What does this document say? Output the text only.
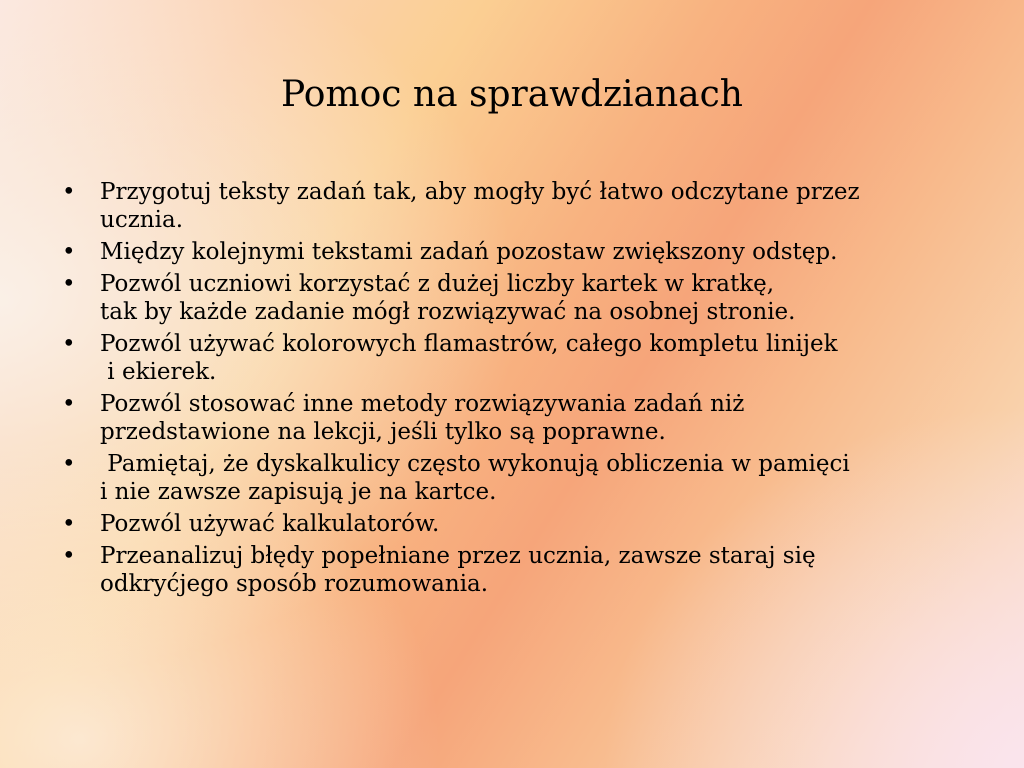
Pomoc na sprawdzianach
• Przygotuj teksty zadań tak, aby mogły być łatwo odczytane przez
ucznia.
• Między kolejnymi tekstami zadań pozostaw zwiększony odstęp.
• Pozwól uczniowi korzystać z dużej liczby kartek w kratkę,
tak by każde zadanie mógł rozwiązywać na osobnej stronie.
• Pozwól używać kolorowych flamastrów, całego kompletu linijek
i ekierek.
• Pozwól stosować inne metody rozwiązywania zadań niż
przedstawione na lekcji, jeśli tylko są poprawne.
• Pamiętaj, że dyskalkulicy często wykonują obliczenia w pamięci
i nie zawsze zapisują je na kartce.
• Pozwól używać kalkulatorów.
• Przeanalizuj błędy popełniane przez ucznia, zawsze staraj się
odkryćjego sposób rozumowania.
